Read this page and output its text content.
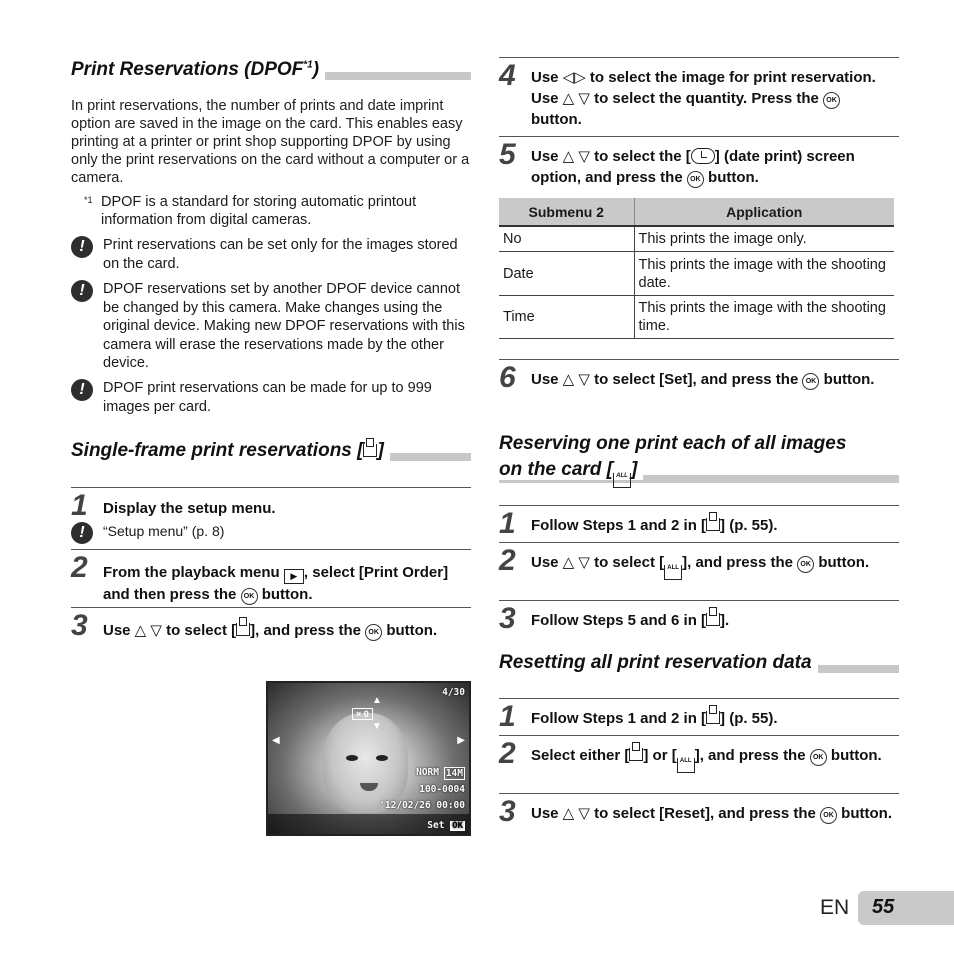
Print Reservations (DPOF$^{*1}$)
In print reservations, the number of prints and date imprint option are saved in the image on the card. This enables easy printing at a printer or print shop supporting DPOF by using only the print reservations on the card without a computer or a camera.
*1 DPOF is a standard for storing automatic printout information from digital cameras.
!	Print reservations can be set only for the images stored on the card.
!	DPOF reservations set by another DPOF device cannot be changed by this camera. Make changes using the original device. Making new DPOF reservations with this camera will erase the reservations made by the other device.
!	DPOF print reservations can be made for up to 999 images per card.
Single-frame print reservations [ ]
1 Display the setup menu.
!	“Setup menu” (p. 8)
2 From the playback menu ▶ , select [Print Order] and then press the OK button.
3 Use △ ▽ to select [ ], and press the OK button.
4/30
▲
× 0
▼
◀	▶
NORM 14M
100-0004
'12/02/26 00:00
Set OK
4 Use ◁▷ to select the image for print reservation. Use △ ▽ to select the quantity. Press the OK button.
5 Use △ ▽ to select the [ ] (date print) screen option, and press the OK button.
Submenu 2	Application
No	This prints the image only.
Date	This prints the image with the shooting date.
Time	This prints the image with the shooting time.
6 Use △ ▽ to select [Set], and press the OK button.
Reserving one print each of all images
on the card [ ALL ]
1 Follow Steps 1 and 2 in [ ] (p. 55).
2 Use △ ▽ to select [ ALL ], and press the OK button.
3 Follow Steps 5 and 6 in [ ].
Resetting all print reservation data
1 Follow Steps 1 and 2 in [ ] (p. 55).
2 Select either [ ] or [ ALL ], and press the OK button.
3 Use △ ▽ to select [Reset], and press the OK button.
EN 55
